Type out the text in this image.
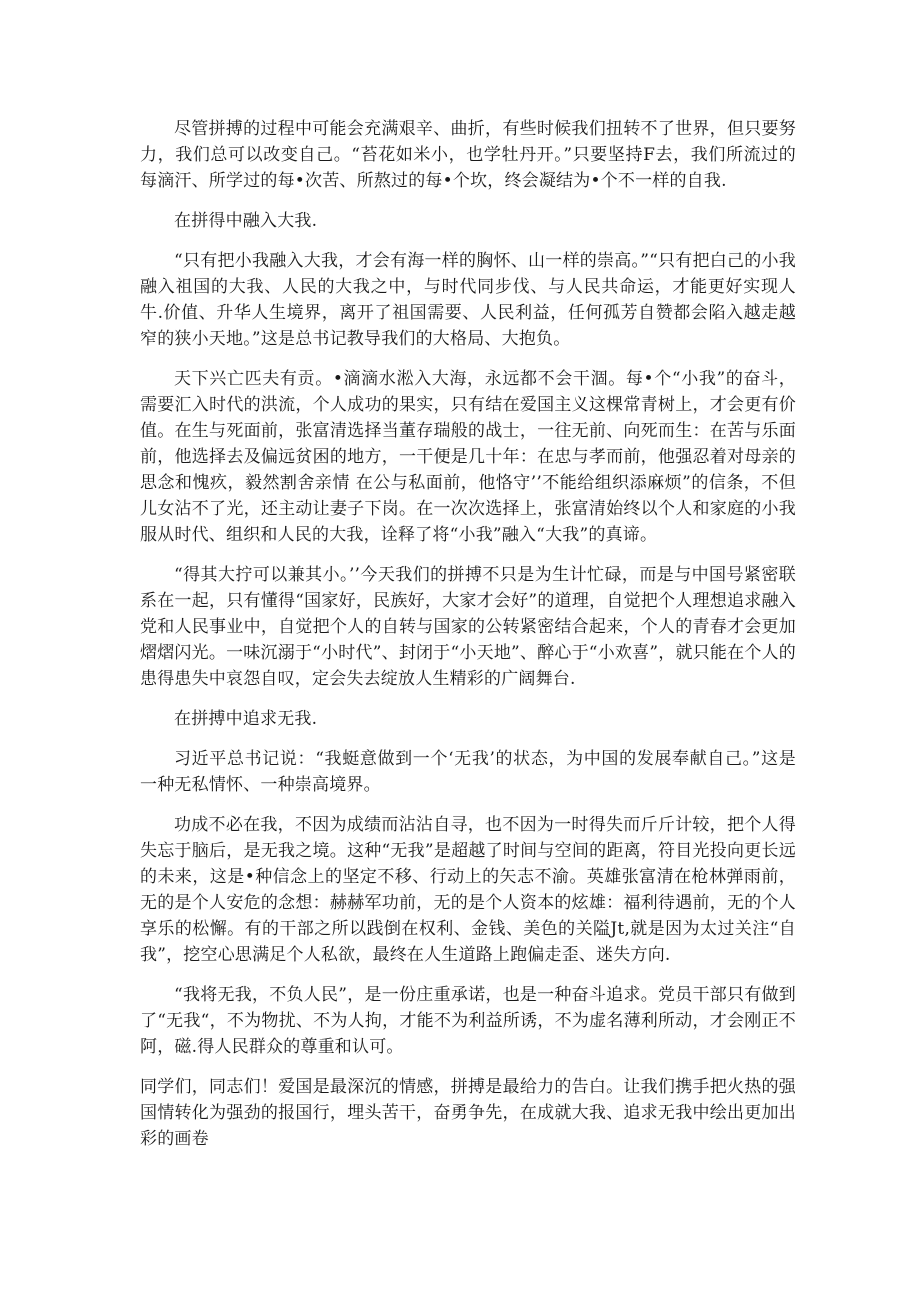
尽管拼搏的过程中可能会充满艰辛、曲折，有些时候我们扭转不了世界，但只要努力，我们总可以改变自己。“苔花如米小，也学牡丹开。”只要坚持F去，我们所流过的每滴汗、所学过的每•次苦、所熬过的每•个坎，终会凝结为•个不一样的自我.

在拼得中融入大我.

“只有把小我融入大我，才会有海一样的胸怀、山一样的崇高。”“只有把白己的小我融入祖国的大我、人民的大我之中，与时代同步伐、与人民共命运，才能更好实现人牛.价值、升华人生境界，离开了祖国需要、人民利益，任何孤芳自赞都会陷入越走越窄的狭小天地。”这是总书记教导我们的大格局、大抱负。

天下兴亡匹夫有贡。•滴滴水淞入大海，永远都不会干涸。每•个“小我”的奋斗，需要汇入时代的洪流，个人成功的果实，只有结在爱国主义这棵常青树上，才会更有价值。在生与死面前，张富清选择当董存瑞般的战士，一往无前、向死而生：在苦与乐面前，他选择去及偏远贫困的地方，一干便是几十年：在忠与孝而前，他强忍着对母亲的思念和愧疚，毅然割舍亲情 在公与私面前，他恪守’’不能给组织添麻烦”的信条，不但儿女沾不了光，还主动让妻子下岗。在一次次选择上，张富清始终以个人和家庭的小我服从时代、组织和人民的大我，诠释了将“小我”融入“大我”的真谛。

“得其大拧可以兼其小。’’今天我们的拼搏不只是为生计忙碌，而是与中国号紧密联系在一起，只有懂得“国家好，民族好，大家才会好”的道理，自觉把个人理想追求融入党和人民事业中，自觉把个人的自转与国家的公转紧密结合起来，个人的青春才会更加熠熠闪光。一味沉溺于“小时代”、封闭于“小天地”、醉心于“小欢喜”，就只能在个人的患得患失中哀怨自叹，定会失去绽放人生精彩的广阔舞台.

在拼搏中追求无我.

习近平总书记说：“我蜓意做到一个‘无我’的状态，为中国的发展奉献自己。”这是一种无私情怀、一种崇高境界。

功成不必在我，不因为成绩而沾沾自寻，也不因为一时得失而斤斤计较，把个人得失忘于脑后，是无我之境。这种“无我”是超越了时间与空间的距离，符目光投向更长远的未来，这是•种信念上的坚定不移、行动上的矢志不渝。英雄张富清在枪林弹雨前，无的是个人安危的念想：赫赫军功前，无的是个人资本的炫雄：福利待遇前，无的个人享乐的松懈。有的干部之所以践倒在权利、金钱、美色的关隘Jt,就是因为太过关注“自我”，挖空心思满足个人私欲，最终在人生道路上跑偏走歪、迷失方向.

“我将无我，不负人民”，是一份庄重承诺，也是一种奋斗追求。党员干部只有做到了“无我“，不为物扰、不为人拘，才能不为利益所诱，不为虚名薄利所动，才会刚正不阿，磁.得人民群众的尊重和认可。

同学们，同志们！爱国是最深沉的情感，拼搏是最给力的告白。让我们携手把火热的强国情转化为强劲的报国行，埋头苦干，奋勇争先，在成就大我、追求无我中绘出更加出彩的画卷
